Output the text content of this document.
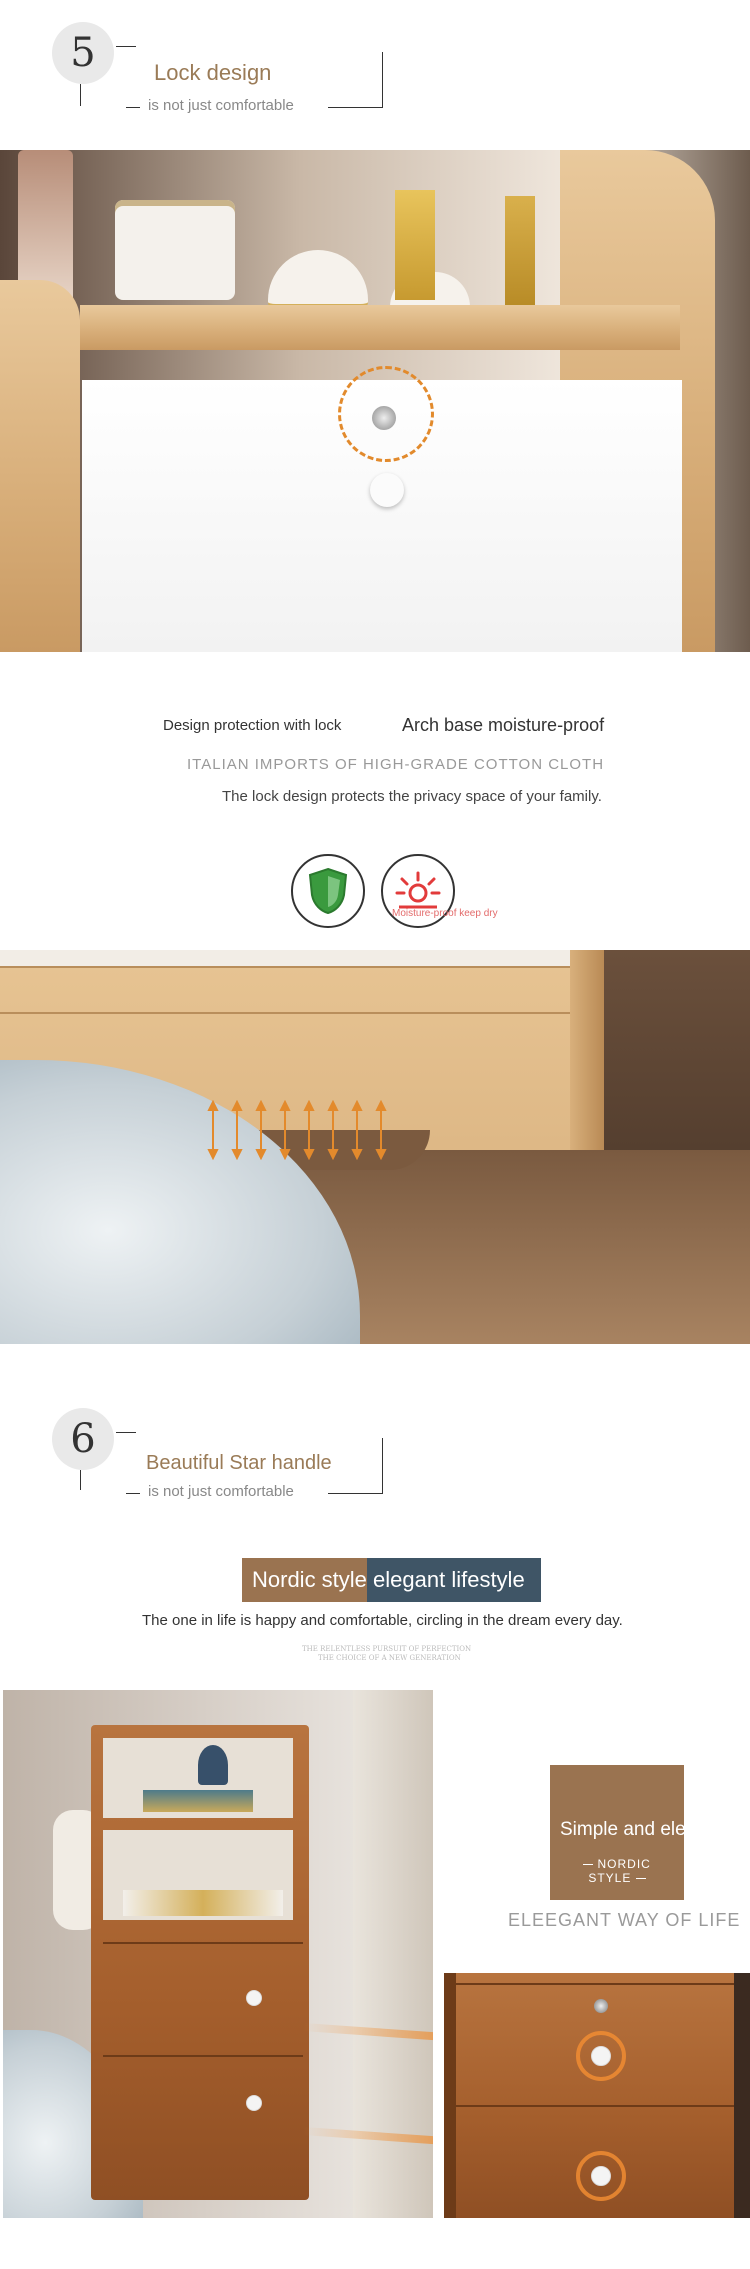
5	Lock design
is not just comfortable
Design protection with lock	Arch base moisture-proof
ITALIAN IMPORTS OF HIGH-GRADE COTTON CLOTH
The lock design protects the privacy space of your family.
Moisture-proof keep dry
6
Beautiful Star handle
is not just comfortable
Nordic style elegant lifestyle
The one in life is happy and comfortable, circling in the dream every day.
THE RELENTLESS PURSUIT OF PERFECTION
THE CHOICE OF A NEW GENERATION
Simple and elegant
NORDIC STYLE
ELEEGANT WAY OF LIFE
